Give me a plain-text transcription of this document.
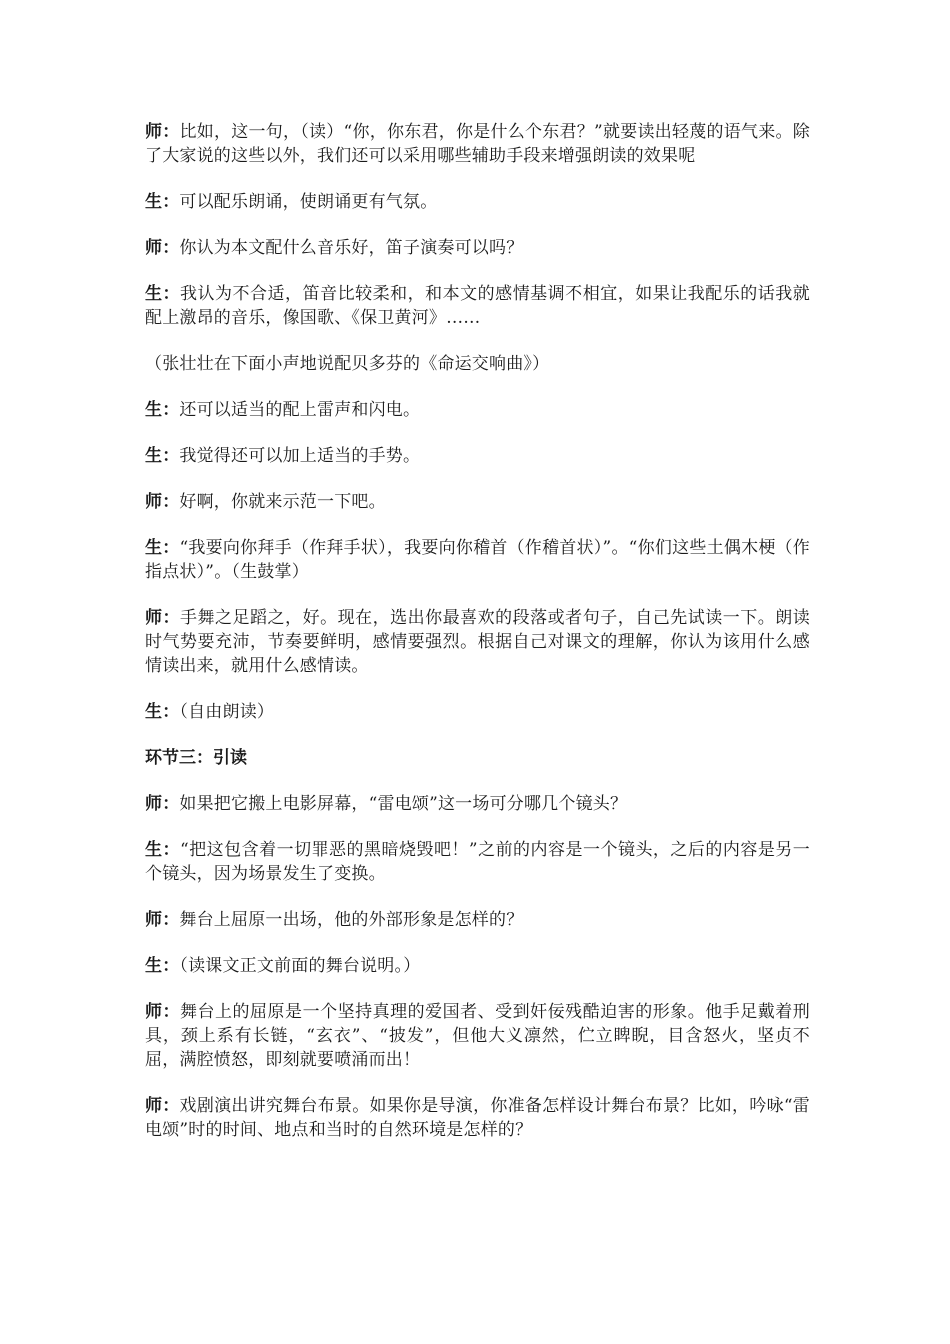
师：比如，这一句，（读）“你，你东君，你是什么个东君？”就要读出轻蔑的语气来。除了大家说的这些以外，我们还可以采用哪些辅助手段来增强朗读的效果呢

生：可以配乐朗诵，使朗诵更有气氛。

师：你认为本文配什么音乐好，笛子演奏可以吗？

生：我认为不合适，笛音比较柔和，和本文的感情基调不相宜，如果让我配乐的话我就配上激昂的音乐，像国歌、《保卫黄河》……

（张壮壮在下面小声地说配贝多芬的《命运交响曲》）

生：还可以适当的配上雷声和闪电。

生：我觉得还可以加上适当的手势。

师：好啊，你就来示范一下吧。

生：“我要向你拜手（作拜手状），我要向你稽首（作稽首状）”。“你们这些土偶木梗（作指点状）”。（生鼓掌）

师：手舞之足蹈之，好。现在，选出你最喜欢的段落或者句子，自己先试读一下。朗读时气势要充沛，节奏要鲜明，感情要强烈。根据自己对课文的理解，你认为该用什么感情读出来，就用什么感情读。

生：（自由朗读）

环节三：引读

师：如果把它搬上电影屏幕，“雷电颂”这一场可分哪几个镜头？

生：“把这包含着一切罪恶的黑暗烧毁吧！”之前的内容是一个镜头，之后的内容是另一个镜头，因为场景发生了变换。

师：舞台上屈原一出场，他的外部形象是怎样的？

生：（读课文正文前面的舞台说明。）

师：舞台上的屈原是一个坚持真理的爱国者、受到奸佞残酷迫害的形象。他手足戴着刑具，颈上系有长链，“玄衣”、“披发”，但他大义凛然，伫立睥睨，目含怒火，坚贞不屈，满腔愤怒，即刻就要喷涌而出！

师：戏剧演出讲究舞台布景。如果你是导演，你准备怎样设计舞台布景？比如，吟咏“雷电颂”时的时间、地点和当时的自然环境是怎样的？
